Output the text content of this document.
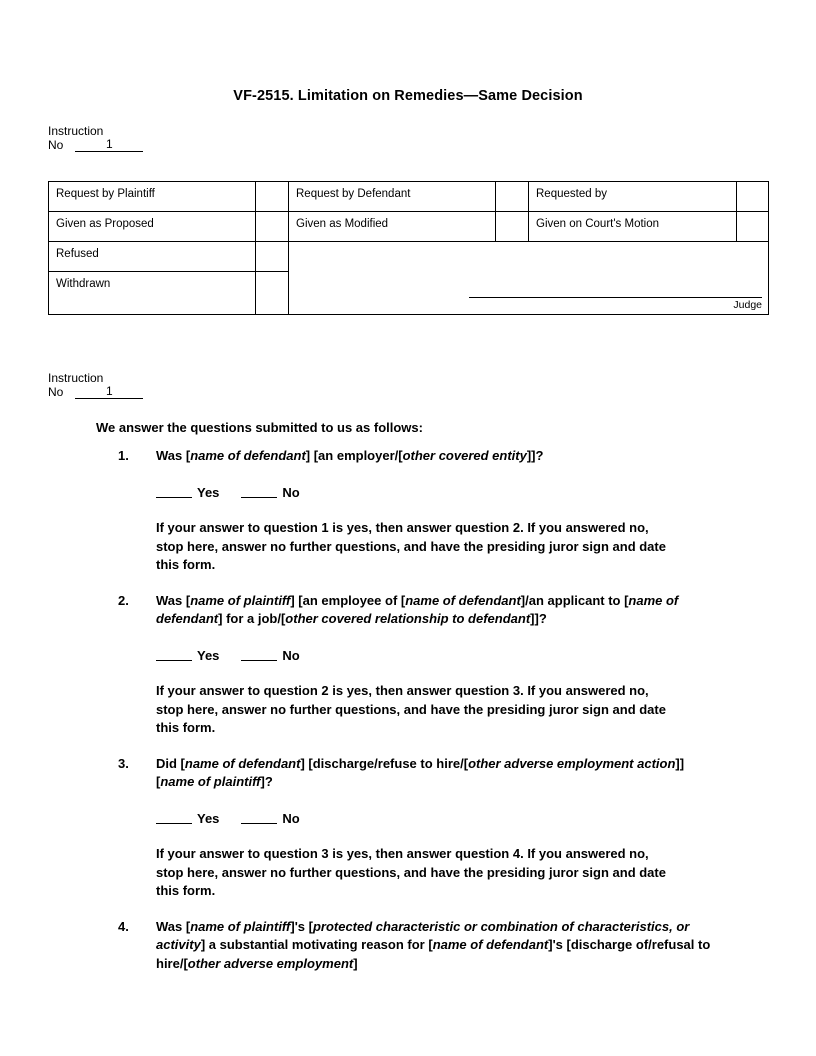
VF-2515. Limitation on Remedies—Same Decision
Instruction
No	1
Request by Plaintiff		Request by Defendant		Requested by	
Given as Proposed		Given as Modified		Given on Court's Motion	
Refused		Judge			

Withdrawn					
Instruction
No	1
We answer the questions submitted to us as follows:
1.	Was [name of defendant] [an employer/[other covered entity]]?
Yes	No
If your answer to question 1 is yes, then answer question 2. If you answered no, stop here, answer no further questions, and have the presiding juror sign and date this form.
2.	Was [name of plaintiff] [an employee of [name of defendant]/an applicant to [name of defendant] for a job/[other covered relationship to defendant]]?
Yes	No
If your answer to question 2 is yes, then answer question 3. If you answered no, stop here, answer no further questions, and have the presiding juror sign and date this form.
3.	Did [name of defendant] [discharge/refuse to hire/[other adverse employment action]] [name of plaintiff]?
Yes	No
If your answer to question 3 is yes, then answer question 4. If you answered no, stop here, answer no further questions, and have the presiding juror sign and date this form.
4.	Was [name of plaintiff]'s [protected characteristic or combination of characteristics, or activity] a substantial motivating reason for [name of defendant]'s [discharge of/refusal to hire/[other adverse employment]
